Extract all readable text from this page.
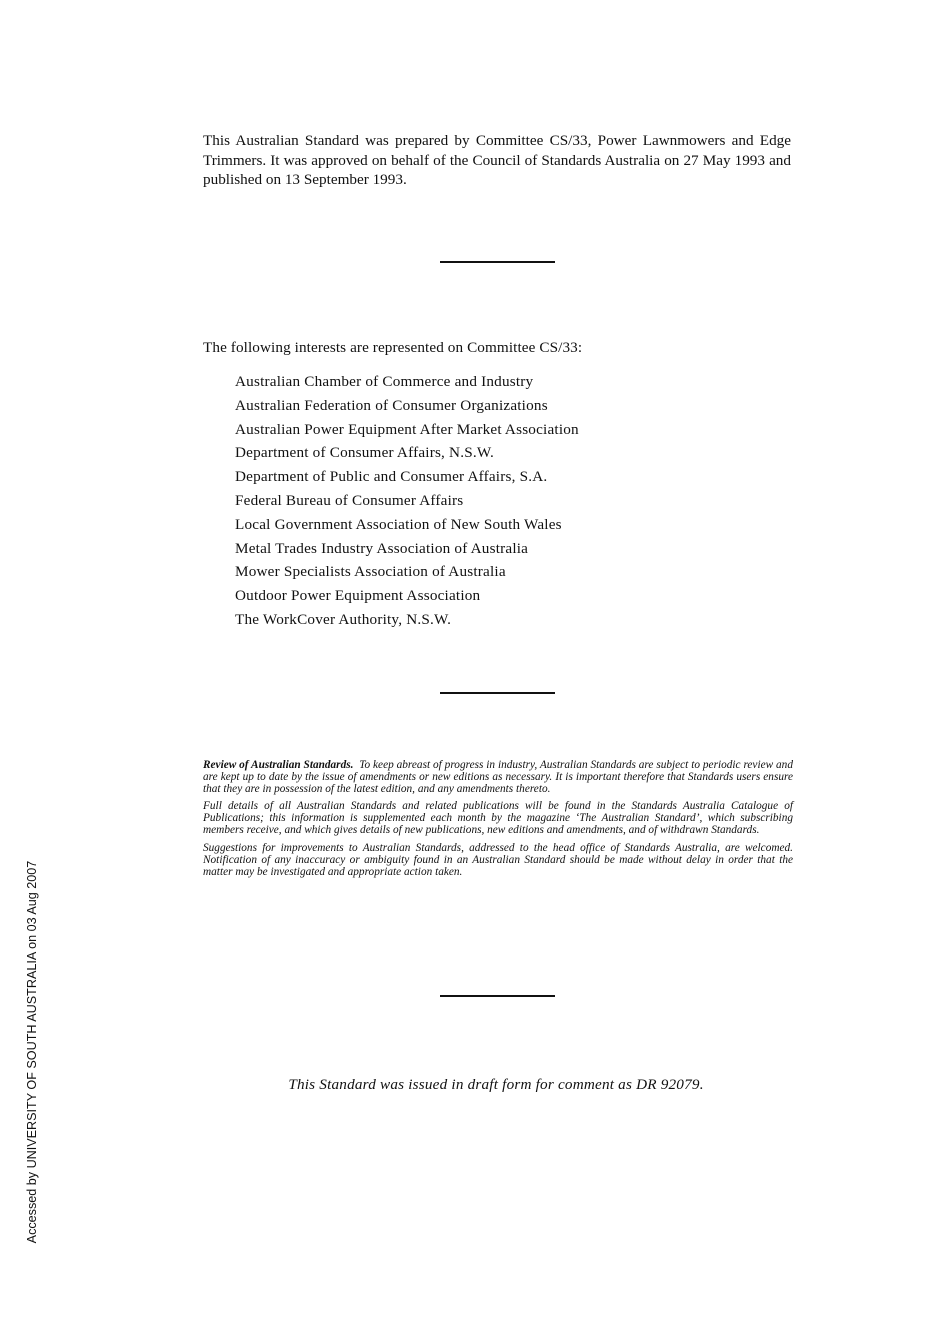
This Australian Standard was prepared by Committee CS/33, Power Lawnmowers and Edge Trimmers. It was approved on behalf of the Council of Standards Australia on 27 May 1993 and published on 13 September 1993.

The following interests are represented on Committee CS/33:

Australian Chamber of Commerce and Industry
Australian Federation of Consumer Organizations
Australian Power Equipment After Market Association
Department of Consumer Affairs, N.S.W.
Department of Public and Consumer Affairs, S.A.
Federal Bureau of Consumer Affairs
Local Government Association of New South Wales
Metal Trades Industry Association of Australia
Mower Specialists Association of Australia
Outdoor Power Equipment Association
The WorkCover Authority, N.S.W.

Review of Australian Standards. To keep abreast of progress in industry, Australian Standards are subject to periodic review and are kept up to date by the issue of amendments or new editions as necessary. It is important therefore that Standards users ensure that they are in possession of the latest edition, and any amendments thereto.

Full details of all Australian Standards and related publications will be found in the Standards Australia Catalogue of Publications; this information is supplemented each month by the magazine ‘The Australian Standard’, which subscribing members receive, and which gives details of new publications, new editions and amendments, and of withdrawn Standards.

Suggestions for improvements to Australian Standards, addressed to the head office of Standards Australia, are welcomed. Notification of any inaccuracy or ambiguity found in an Australian Standard should be made without delay in order that the matter may be investigated and appropriate action taken.

This Standard was issued in draft form for comment as DR 92079.

Accessed by UNIVERSITY OF SOUTH AUSTRALIA on 03 Aug 2007
